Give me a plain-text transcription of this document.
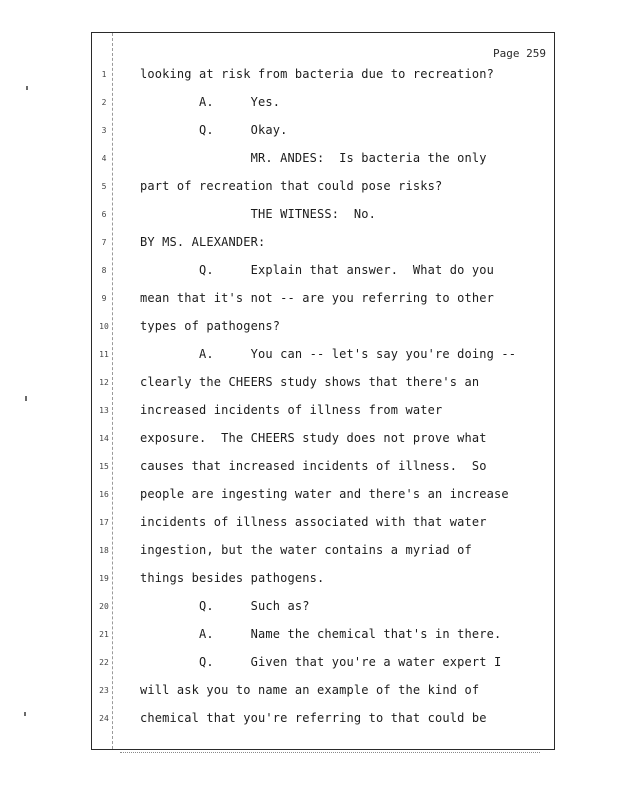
Page 259
1	looking at risk from bacteria due to recreation?
2	A.     Yes.
3	Q.     Okay.
4	MR. ANDES:  Is bacteria the only
5	part of recreation that could pose risks?
6	THE WITNESS:  No.
7	BY MS. ALEXANDER:
8	Q.     Explain that answer.  What do you
9	mean that it's not -- are you referring to other
10	types of pathogens?
11	A.     You can -- let's say you're doing --
12	clearly the CHEERS study shows that there's an
13	increased incidents of illness from water
14	exposure.  The CHEERS study does not prove what
15	causes that increased incidents of illness.  So
16	people are ingesting water and there's an increase
17	incidents of illness associated with that water
18	ingestion, but the water contains a myriad of
19	things besides pathogens.
20	Q.     Such as?
21	A.     Name the chemical that's in there.
22	Q.     Given that you're a water expert I
23	will ask you to name an example of the kind of
24	chemical that you're referring to that could be
